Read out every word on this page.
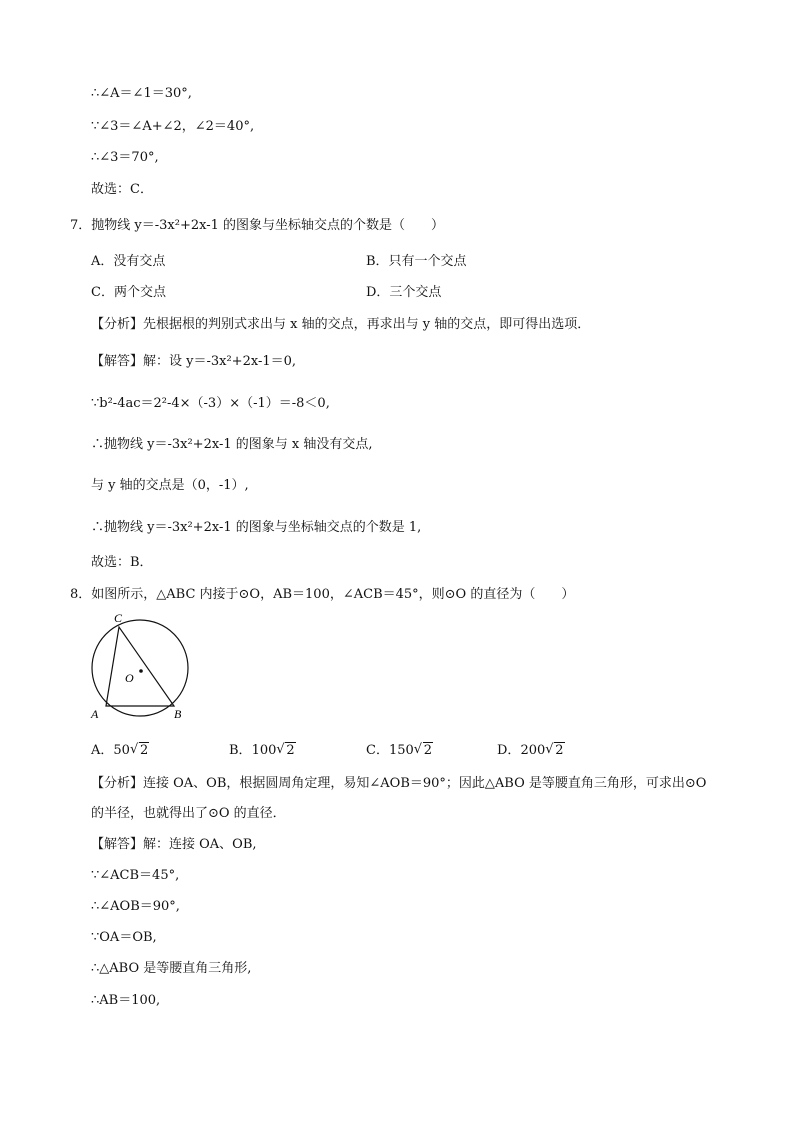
∴∠A＝∠1＝30°,
∵∠3＝∠A+∠2，∠2＝40°,
∴∠3＝70°,
故选：C．
7．抛物线 y＝-3x²+2x-1 的图象与坐标轴交点的个数是（　　）
A．没有交点	B．只有一个交点
C．两个交点	D．三个交点
【分析】先根据根的判别式求出与 x 轴的交点，再求出与 y 轴的交点，即可得出选项．
【解答】解：设 y＝-3x²+2x-1＝0,
∵b²-4ac＝2²-4×（-3）×（-1）＝-8＜0,
∴抛物线 y＝-3x²+2x-1 的图象与 x 轴没有交点,
与 y 轴的交点是（0，-1）,
∴抛物线 y＝-3x²+2x-1 的图象与坐标轴交点的个数是 1,
故选：B．
8．如图所示，△ABC 内接于⊙O，AB＝100，∠ACB＝45°，则⊙O 的直径为（　　）
C
O
A	B
A．50 √ 2	B．100 √ 2	C．150 √ 2	D．200 √ 2
【分析】连接 OA、OB，根据圆周角定理，易知∠AOB＝90°；因此△ABO 是等腰直角三角形，可求出⊙O
的半径，也就得出了⊙O 的直径．
【解答】解：连接 OA、OB,
∵∠ACB＝45°,
∴∠AOB＝90°,
∵OA＝OB,
∴△ABO 是等腰直角三角形,
∴AB＝100,
